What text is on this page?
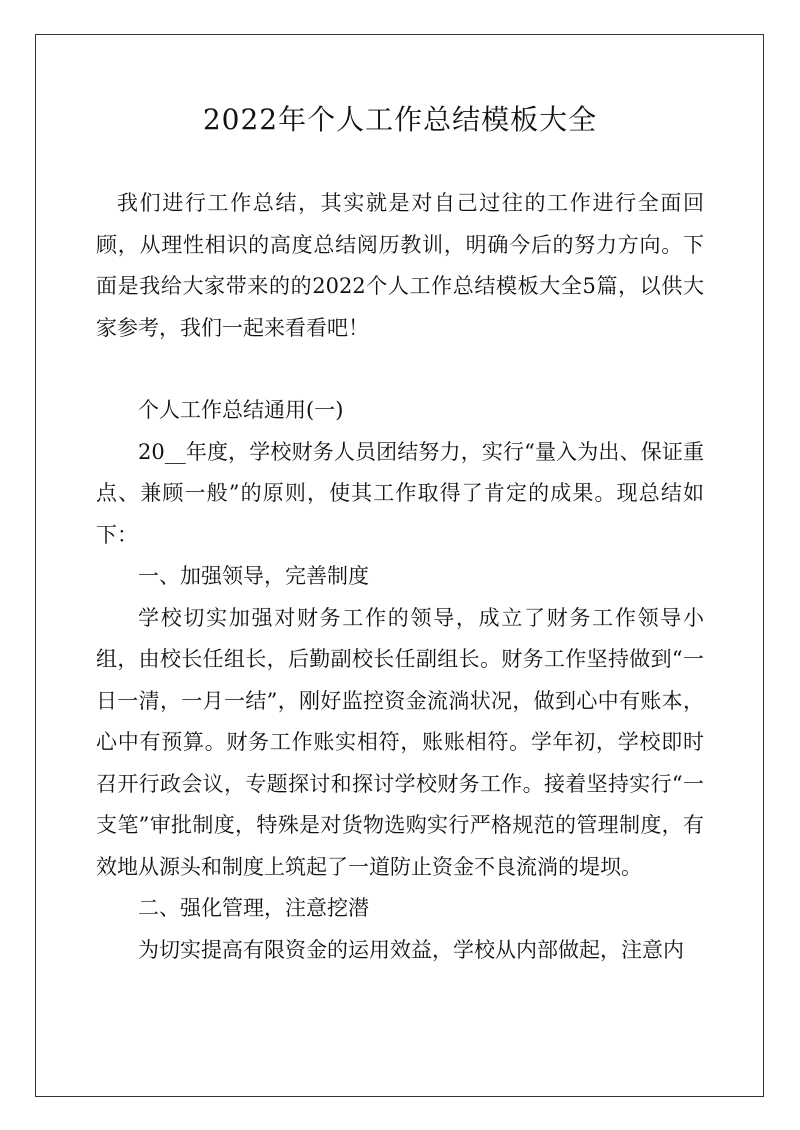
2022年个人工作总结模板大全

我们进行工作总结，其实就是对自己过往的工作进行全面回顾，从理性相识的高度总结阅历教训，明确今后的努力方向。下面是我给大家带来的的2022个人工作总结模板大全5篇，以供大家参考，我们一起来看看吧！

个人工作总结通用(一)

20__年度，学校财务人员团结努力，实行“量入为出、保证重点、兼顾一般”的原则，使其工作取得了肯定的成果。现总结如下：

一、加强领导，完善制度

学校切实加强对财务工作的领导，成立了财务工作领导小组，由校长任组长，后勤副校长任副组长。财务工作坚持做到“一日一清，一月一结”，刚好监控资金流淌状况，做到心中有账本，心中有预算。财务工作账实相符，账账相符。学年初，学校即时召开行政会议，专题探讨和探讨学校财务工作。接着坚持实行“一支笔”审批制度，特殊是对货物选购实行严格规范的管理制度，有效地从源头和制度上筑起了一道防止资金不良流淌的堤坝。

二、强化管理，注意挖潜

为切实提高有限资金的运用效益，学校从内部做起，注意内
